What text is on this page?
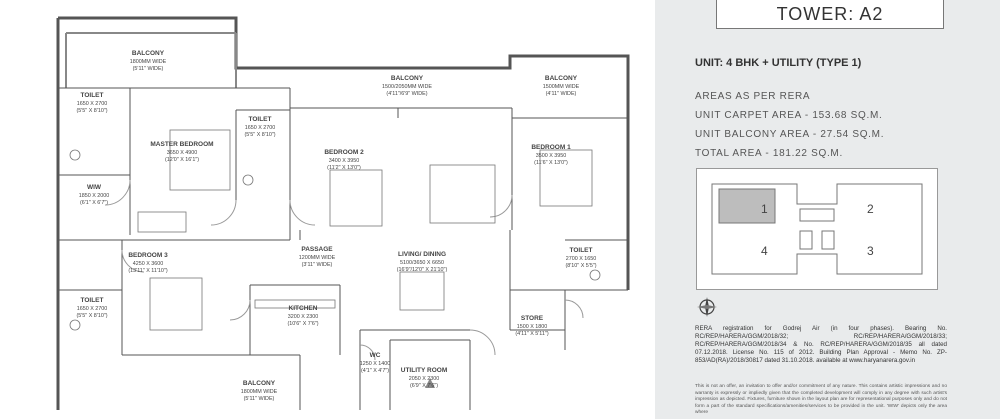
BALCONY
1800MM WIDE
(5'11" WIDE)
BALCONY
1500/2050MM WIDE
(4'11"/6'9" WIDE)
BALCONY
1500MM WIDE
(4'11" WIDE)
TOILET
1650 X 2700
(5'5" X 8'10")
MASTER BEDROOM
3650 X 4900
(12'0" X 16'1")
TOILET
1650 X 2700
(5'5" X 8'10")
BEDROOM 2
3400 X 3950
(11'2" X 13'0")
BEDROOM 1
3500 X 3950
(11'6" X 13'0")
WIW
1850 X 2000
(6'1" X 6'7")
BEDROOM 3
4250 X 3600
(13'11" X 11'10")
PASSAGE
1200MM WIDE
(3'11" WIDE)
LIVING/ DINING
5100/3650 X 6650
(16'9"/12'0" X 21'10")
TOILET
2700 X 1650
(8'10" X 5'5")
TOILET
1650 X 2700
(5'5" X 8'10")
KITCHEN
3200 X 2300
(10'6" X 7'6")
STORE
1500 X 1800
(4'11" X 5'11")
WC
1250 X 1400
(4'1" X 4'7") UTILITY ROOM
2050 X 2300
(6'9" X 7'6")
BALCONY
1800MM WIDE
(5'11" WIDE)
TOWER: A2
UNIT: 4 BHK + UTILITY (TYPE 1)
AREAS AS PER RERA
UNIT CARPET AREA - 153.68 SQ.M.
UNIT BALCONY AREA - 27.54 SQ.M.
TOTAL AREA - 181.22 SQ.M.
1	2
3
4
RERA registration for Godrej Air (in four phases). Bearing No. RC/REP/HARERA/GGM/2018/32; RC/REP/HARERA/GGM/2018/33; RC/REP/HARERA/GGM/2018/34 & No. RC/REP/HARERA/GGM/2018/35 all dated 07.12.2018. License No. 115 of 2012. Building Plan Approval - Memo No. ZP-853/AD(RA)/2018/30817 dated 31.10.2018. available at www.haryanarera.gov.in
This is not an offer, an invitation to offer and/or commitment of any nature. This contains artistic impressions and no warranty is expressly or impliedly given that the completed development will comply in any degree with such artist's impression as depicted. Fixtures, furniture shown in the layout plan are for representational purposes only and do not form a part of the standard specifications/amenities/services to be provided in the unit. 'WIW' depicts only the area where
